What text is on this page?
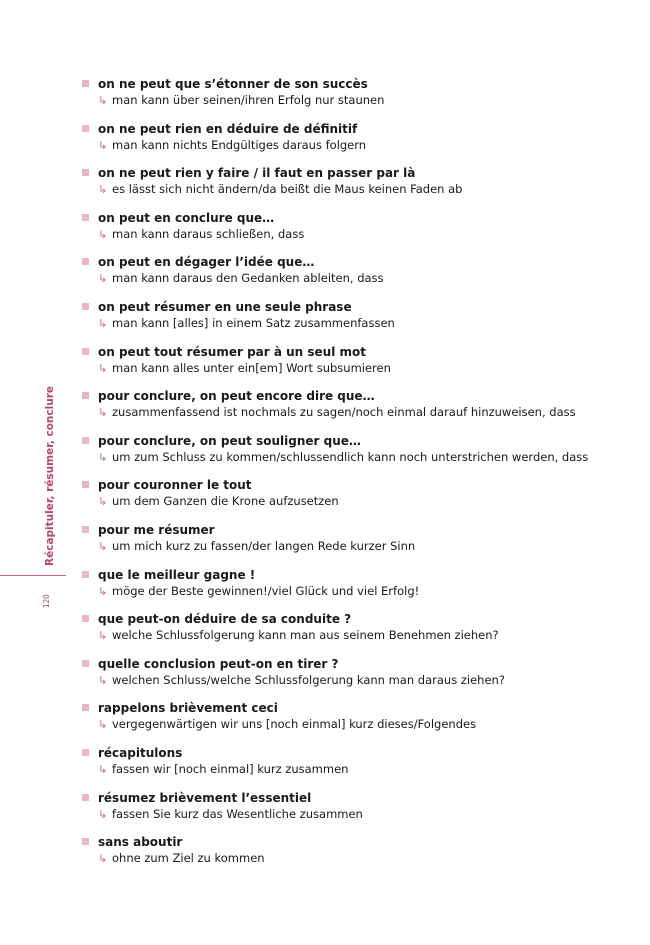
Récapituler, résumer, conclure
120
on ne peut que s’étonner de son succès
↳ man kann über seinen/ihren Erfolg nur staunen
on ne peut rien en déduire de définitif
↳ man kann nichts Endgültiges daraus folgern
on ne peut rien y faire / il faut en passer par là
↳ es lässt sich nicht ändern/da beißt die Maus keinen Faden ab
on peut en conclure que…
↳ man kann daraus schließen, dass
on peut en dégager l’idée que…
↳ man kann daraus den Gedanken ableiten, dass
on peut résumer en une seule phrase
↳ man kann [alles] in einem Satz zusammenfassen
on peut tout résumer par à un seul mot
↳ man kann alles unter ein[em] Wort subsumieren
pour conclure, on peut encore dire que…
↳ zusammenfassend ist nochmals zu sagen/noch einmal darauf hinzuweisen, dass
pour conclure, on peut souligner que…
↳ um zum Schluss zu kommen/schlussendlich kann noch unterstrichen werden, dass
pour couronner le tout
↳ um dem Ganzen die Krone aufzusetzen
pour me résumer
↳ um mich kurz zu fassen/der langen Rede kurzer Sinn
que le meilleur gagne !
↳ möge der Beste gewinnen!/viel Glück und viel Erfolg!
que peut-on déduire de sa conduite ?
↳ welche Schlussfolgerung kann man aus seinem Benehmen ziehen?
quelle conclusion peut-on en tirer ?
↳ welchen Schluss/welche Schlussfolgerung kann man daraus ziehen?
rappelons brièvement ceci
↳ vergegenwärtigen wir uns [noch einmal] kurz dieses/Folgendes
récapitulons
↳ fassen wir [noch einmal] kurz zusammen
résumez brièvement l’essentiel
↳ fassen Sie kurz das Wesentliche zusammen
sans aboutir
↳ ohne zum Ziel zu kommen
